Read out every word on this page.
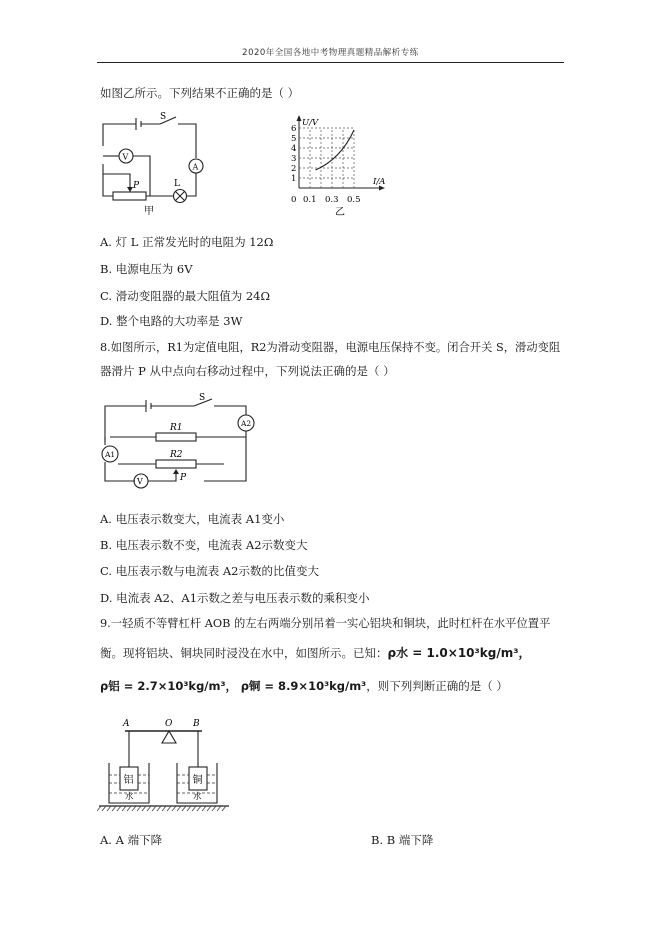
2020年全国各地中考物理真题精品解析专练
如图乙所示。下列结果不正确的是（ ）
S
A
V
P	L
甲
U/V
I/A
0
1
2
3
4
5
6
0.1 0.3 0.5
乙
A. 灯 L 正常发光时的电阻为 12Ω
B. 电源电压为 6V
C. 滑动变阻器的最大阻值为 24Ω
D. 整个电路的大功率是 3W
8.如图所示，R1为定值电阻，R2为滑动变阻器，电源电压保持不变。闭合开关 S，滑动变阻
器滑片 P 从中点向右移动过程中，下列说法正确的是（ ）
S
R1
R2
A2
A1
V	P
A. 电压表示数变大，电流表 A1变小
B. 电压表示数不变，电流表 A2示数变大
C. 电压表示数与电流表 A2示数的比值变大
D. 电流表 A2、A1示数之差与电压表示数的乘积变小
9.一轻质不等臂杠杆 AOB 的左右两端分别吊着一实心铝块和铜块，此时杠杆在水平位置平
衡。现将铝块、铜块同时浸没在水中，如图所示。已知：ρ水 = 1.0×10³kg/m³，
ρ铝 = 2.7×10³kg/m³， ρ铜 = 8.9×10³kg/m³，则下列判断正确的是（ ）
A	O B
铝	铜
水	水
A. A 端下降	B. B 端下降
